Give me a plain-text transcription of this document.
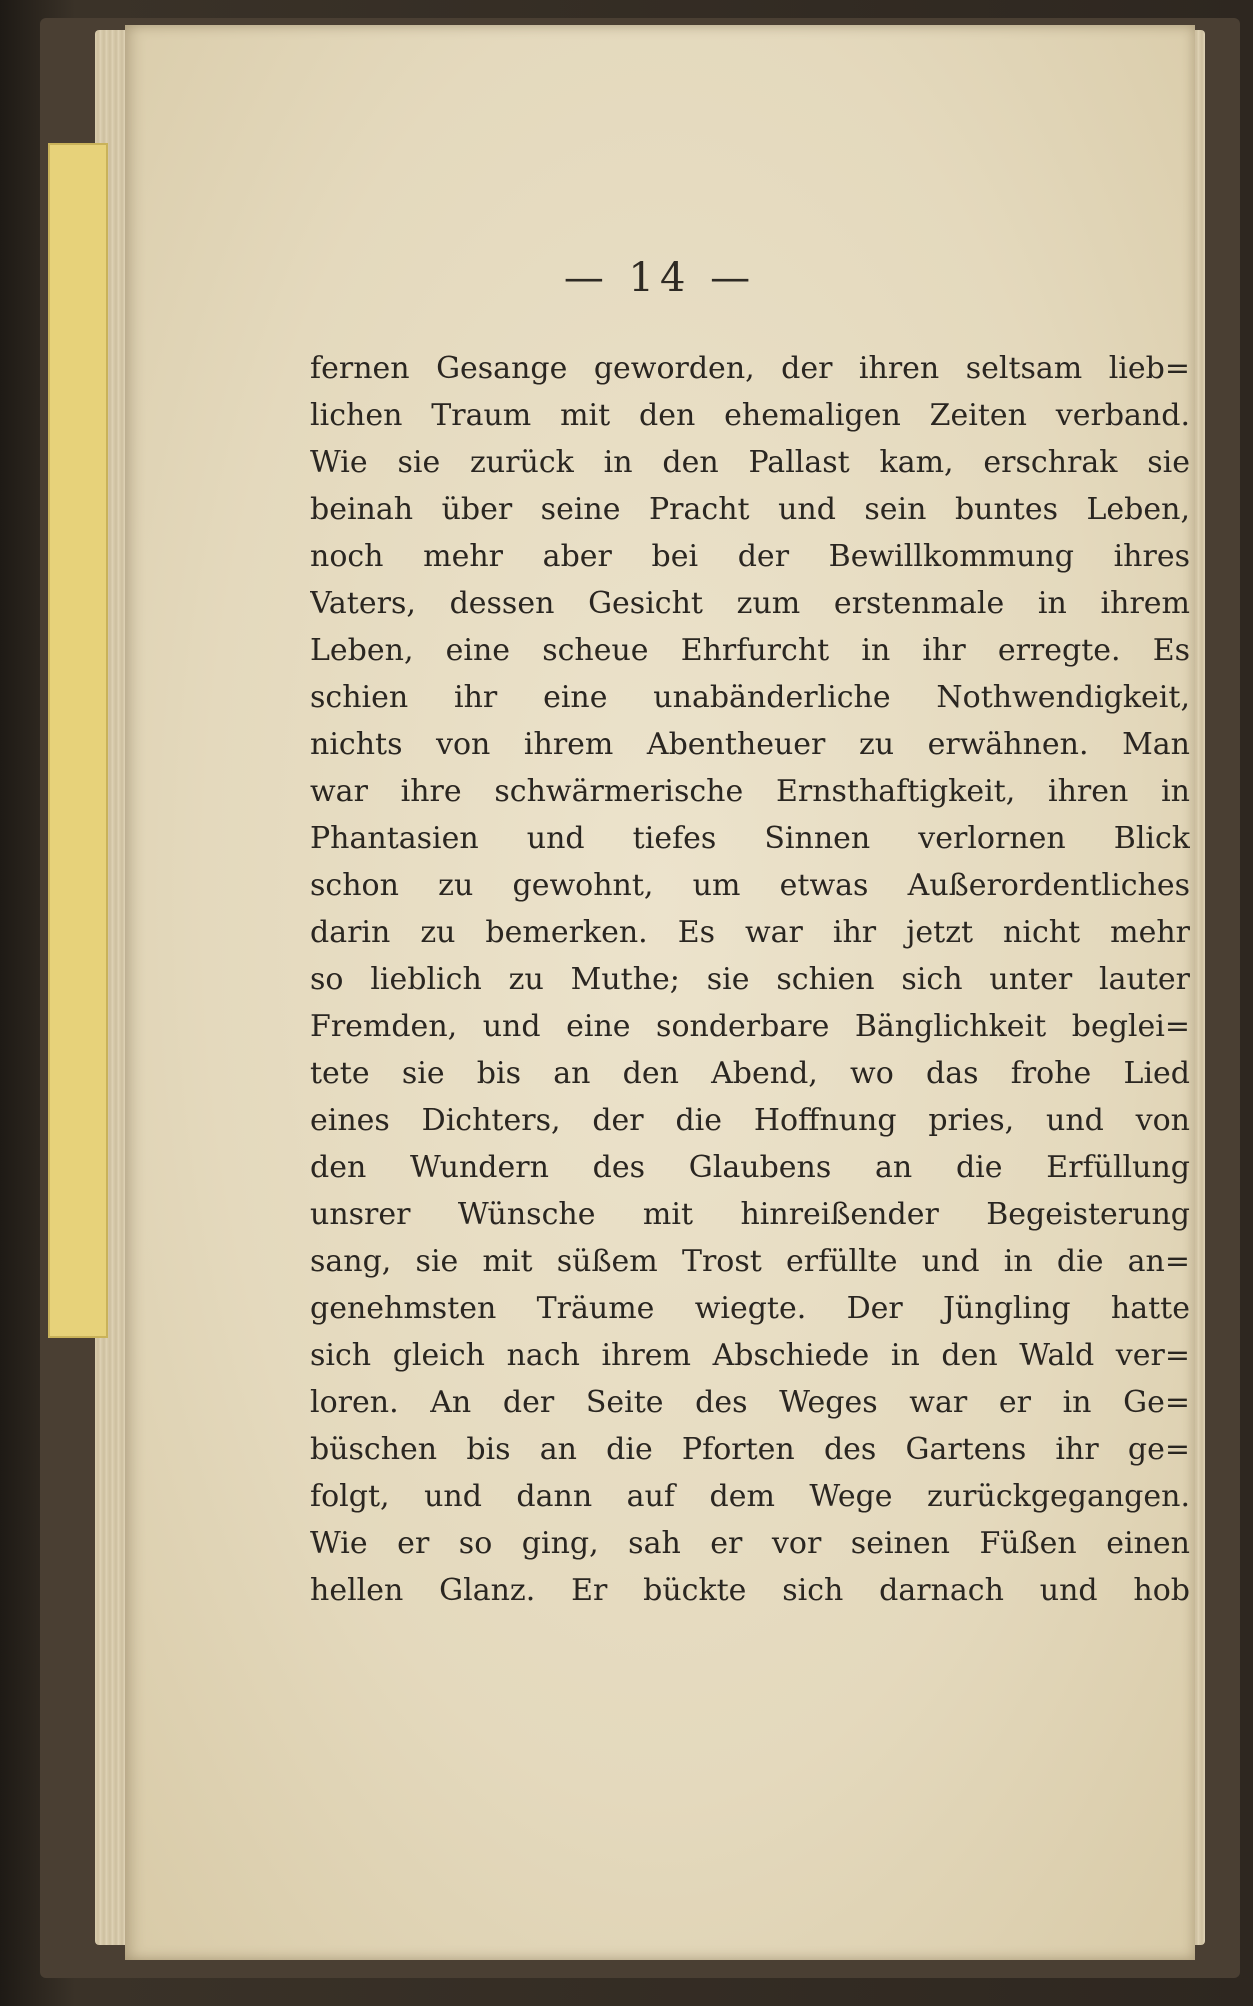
— 14 —
fernen Gesange geworden, der ihren seltsam lieb=
lichen Traum mit den ehemaligen Zeiten verband.
Wie sie zurück in den Pallast kam, erschrak sie
beinah über seine Pracht und sein buntes Leben,
noch mehr aber bei der Bewillkommung ihres
Vaters, dessen Gesicht zum erstenmale in ihrem
Leben, eine scheue Ehrfurcht in ihr erregte. Es
schien ihr eine unabänderliche Nothwendigkeit,
nichts von ihrem Abentheuer zu erwähnen. Man
war ihre schwärmerische Ernsthaftigkeit, ihren in
Phantasien und tiefes Sinnen verlornen Blick
schon zu gewohnt, um etwas Außerordentliches
darin zu bemerken. Es war ihr jetzt nicht mehr
so lieblich zu Muthe; sie schien sich unter lauter
Fremden, und eine sonderbare Bänglichkeit beglei=
tete sie bis an den Abend, wo das frohe Lied
eines Dichters, der die Hoffnung pries, und von
den Wundern des Glaubens an die Erfüllung
unsrer Wünsche mit hinreißender Begeisterung
sang, sie mit süßem Trost erfüllte und in die an=
genehmsten Träume wiegte. Der Jüngling hatte
sich gleich nach ihrem Abschiede in den Wald ver=
loren. An der Seite des Weges war er in Ge=
büschen bis an die Pforten des Gartens ihr ge=
folgt, und dann auf dem Wege zurückgegangen.
Wie er so ging, sah er vor seinen Füßen einen
hellen Glanz. Er bückte sich darnach und hob
